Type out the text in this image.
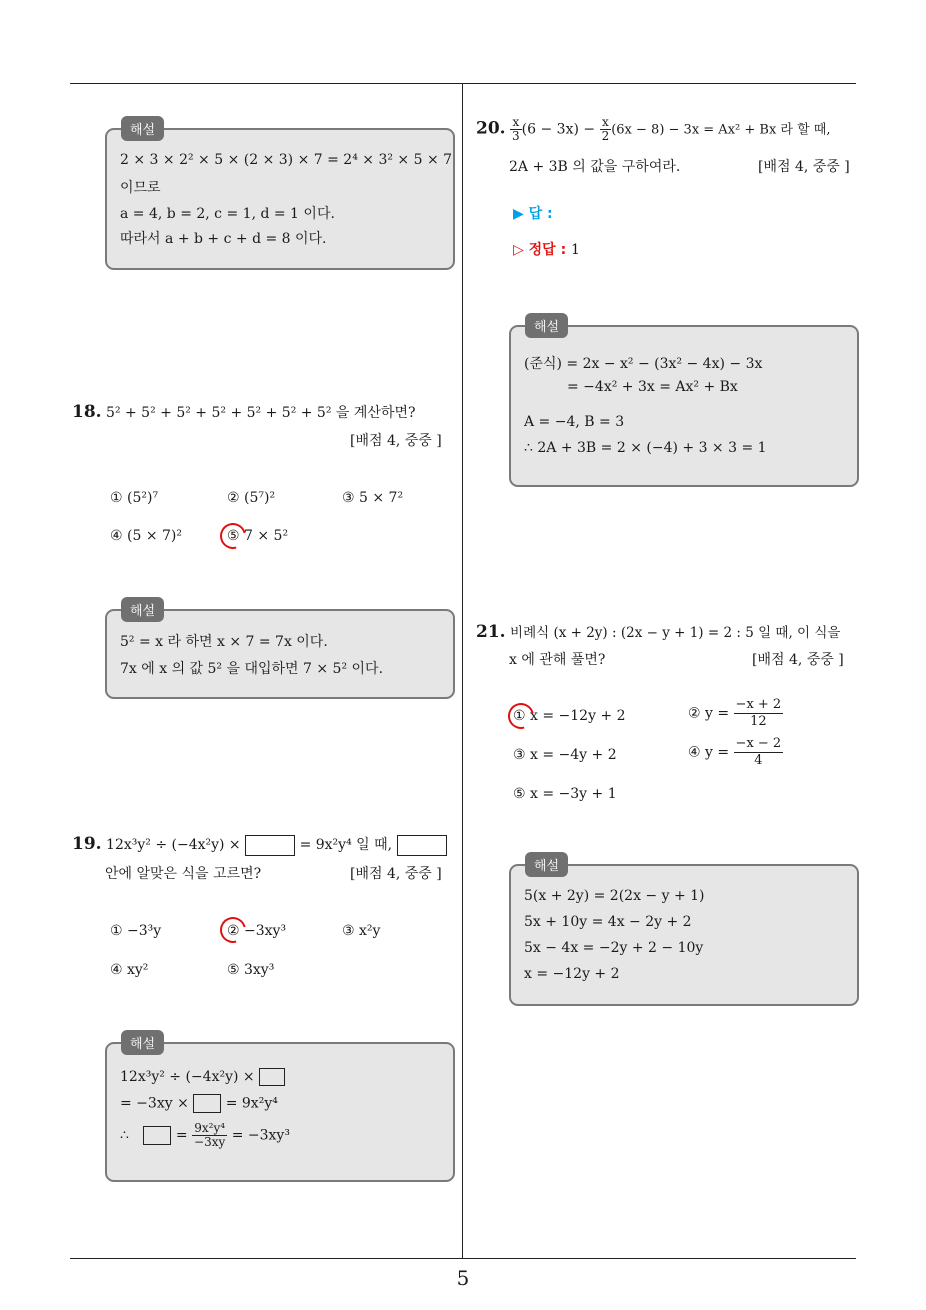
5
해설
2 × 3 × 2² × 5 × (2 × 3) × 7 = 2⁴ × 3² × 5 × 7
이므로
a = 4, b = 2, c = 1, d = 1 이다.
따라서 a + b + c + d = 8 이다.
18. 5² + 5² + 5² + 5² + 5² + 5² + 5² 을 계산하면?
[배점 4, 중중 ]
① (5²)⁷	② (5⁷)²	③ 5 × 7²
④ (5 × 7)²	⑤ 7 × 5²
해설
5² = x 라 하면 x × 7 = 7x 이다.
7x 에 x 의 값 5² 을 대입하면 7 × 5² 이다.
19. 12x³y² ÷ (−4x²y) ×	= 9x²y⁴ 일 때,
안에 알맞은 식을 고르면?	[배점 4, 중중 ]
① −3³y	② −3xy³	③ x²y
④ xy²	⑤ 3xy³
해설
12x³y² ÷ (−4x²y) ×
= −3xy ×	= 9x²y⁴
∴	= $\frac{\text{9x²y⁴}}{-3xy} = -3xy^3$
20. $\frac{x}{3} (6 - 3x) - \frac{x}{2} (6x - 8) - 3x = Ax^2 + Bx$ 라 할 때,
2A + 3B 의 값을 구하여라.	[배점 4, 중중 ]
▶ 답 :
▷ 정답 : 1
해설
(준식) = 2x − x² − (3x² − 4x) − 3x
= −4x² + 3x = Ax² + Bx
A = −4, B = 3
∴ 2A + 3B = 2 × (−4) + 3 × 3 = 1
21. 비례식 (x + 2y) : (2x − y + 1) = 2 : 5 일 때, 이 식을
x 에 관해 풀면?	[배점 4, 중중 ]
① x = −12y + 2	② $y = \frac{-x + 2}{12}$
③ x = −4y + 2	④ $y = \frac{-x - 2}{4}$
⑤ x = −3y + 1
해설
5(x + 2y) = 2(2x − y + 1)
5x + 10y = 4x − 2y + 2
5x − 4x = −2y + 2 − 10y
x = −12y + 2
